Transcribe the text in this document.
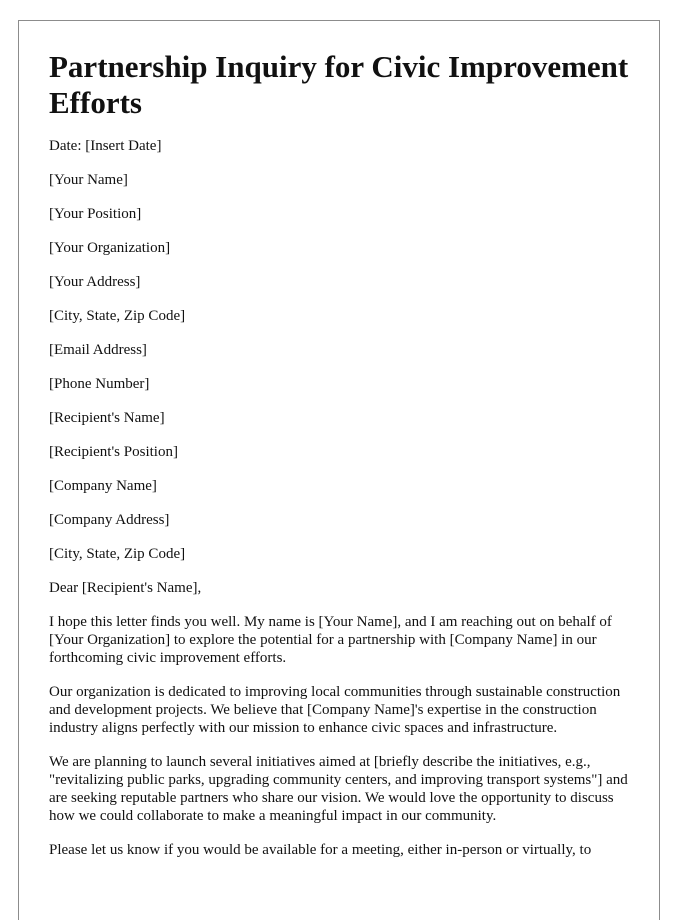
Partnership Inquiry for Civic Improvement Efforts
Date: [Insert Date]
[Your Name]
[Your Position]
[Your Organization]
[Your Address]
[City, State, Zip Code]
[Email Address]
[Phone Number]
[Recipient's Name]
[Recipient's Position]
[Company Name]
[Company Address]
[City, State, Zip Code]
Dear [Recipient's Name],

I hope this letter finds you well. My name is [Your Name], and I am reaching out on behalf of [Your Organization] to explore the potential for a partnership with [Company Name] in our forthcoming civic improvement efforts.

Our organization is dedicated to improving local communities through sustainable construction and development projects. We believe that [Company Name]'s expertise in the construction industry aligns perfectly with our mission to enhance civic spaces and infrastructure.

We are planning to launch several initiatives aimed at [briefly describe the initiatives, e.g., "revitalizing public parks, upgrading community centers, and improving transport systems"] and are seeking reputable partners who share our vision. We would love the opportunity to discuss how we could collaborate to make a meaningful impact in our community.

Please let us know if you would be available for a meeting, either in-person or virtually, to
